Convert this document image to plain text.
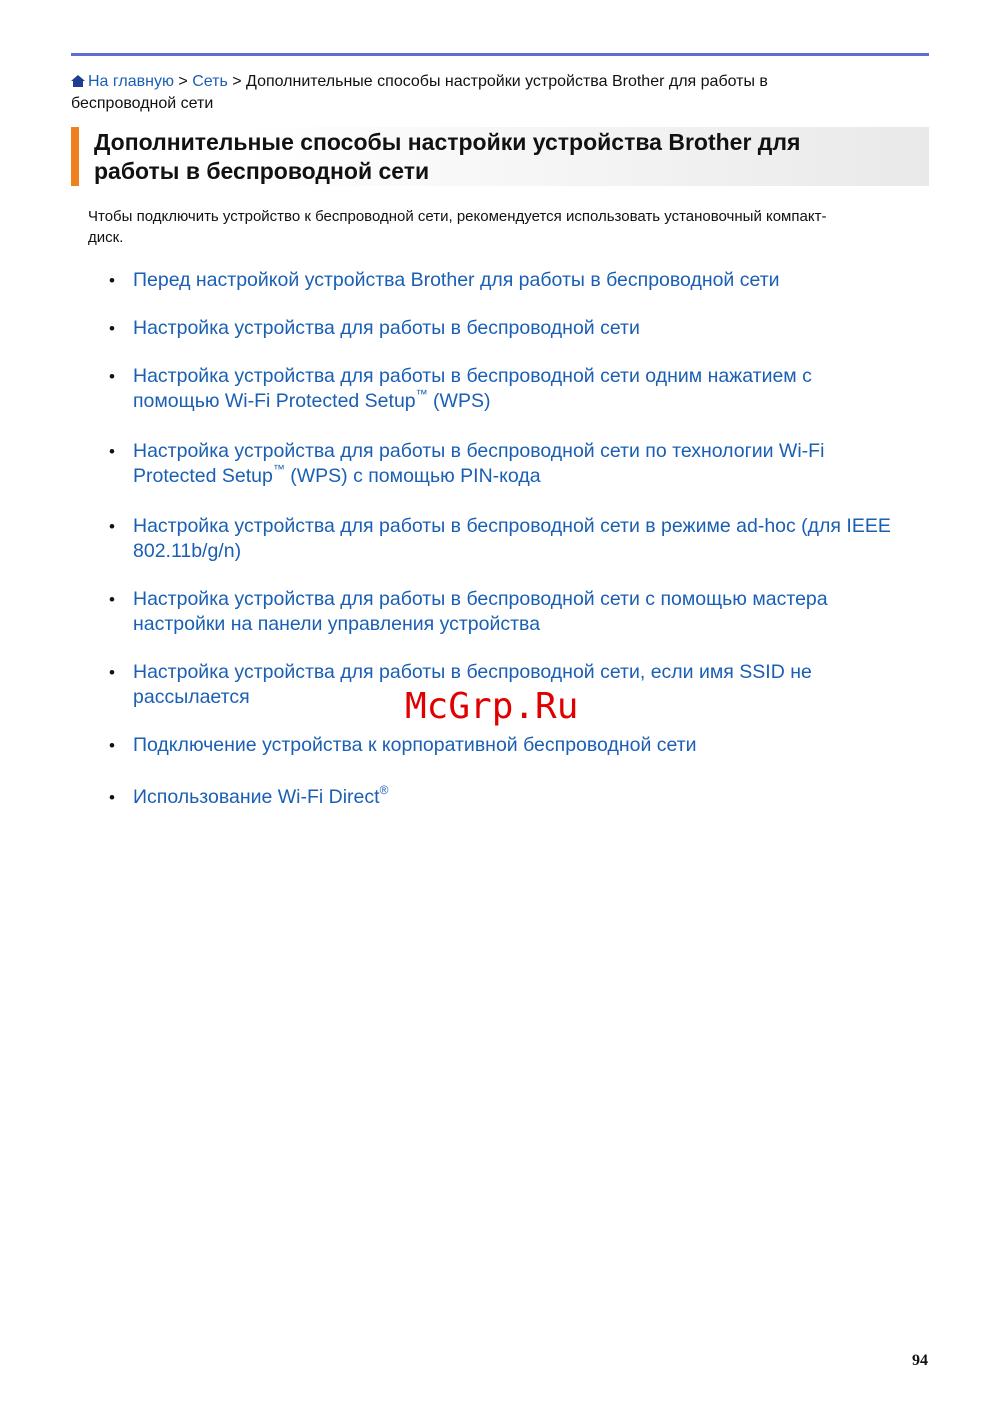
На главную > Сеть > Дополнительные способы настройки устройства Brother для работы в беспроводной сети
Дополнительные способы настройки устройства Brother для
работы в беспроводной сети
Чтобы подключить устройство к беспроводной сети, рекомендуется использовать установочный компакт-
диск.
• Перед настройкой устройства Brother для работы в беспроводной сети
• Настройка устройства для работы в беспроводной сети
• Настройка устройства для работы в беспроводной сети одним нажатием с
помощью Wi-Fi Protected Setup™ (WPS)
• Настройка устройства для работы в беспроводной сети по технологии Wi-Fi
Protected Setup™ (WPS) с помощью PIN-кода
• Настройка устройства для работы в беспроводной сети в режиме ad-hoc (для IEEE
802.11b/g/n)
• Настройка устройства для работы в беспроводной сети с помощью мастера
настройки на панели управления устройства
• Настройка устройства для работы в беспроводной сети, если имя SSID не
рассылается
• Подключение устройства к корпоративной беспроводной сети
• Использование Wi-Fi Direct®
McGrp.Ru
94
